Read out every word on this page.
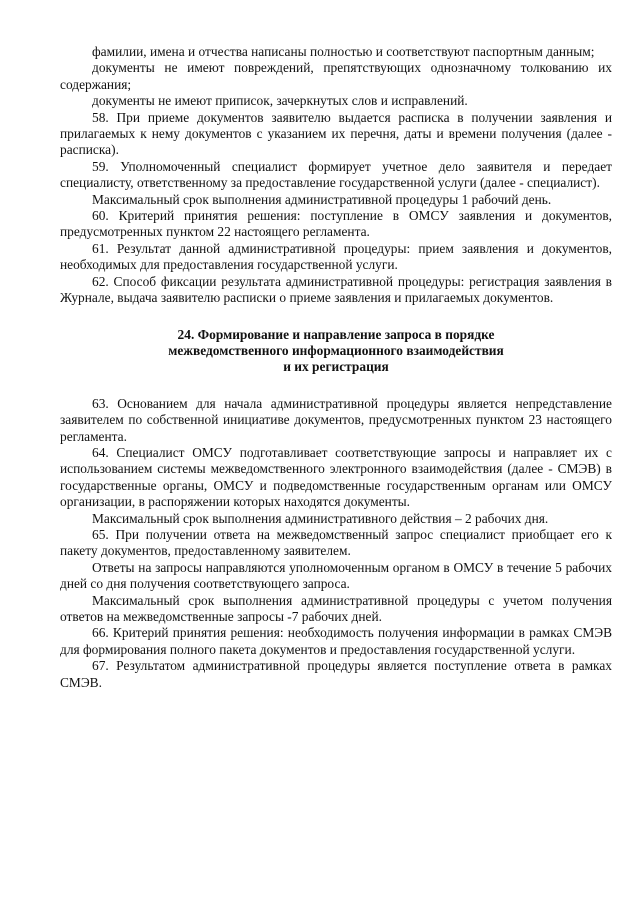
фамилии, имена и отчества написаны полностью и соответствуют паспортным данным;

документы не имеют повреждений, препятствующих однозначному толкованию их содержания;

документы не имеют приписок, зачеркнутых слов и исправлений.

58. При приеме документов заявителю выдается расписка в получении заявления и прилагаемых к нему документов с указанием их перечня, даты и времени получения (далее - расписка).

59. Уполномоченный специалист формирует учетное дело заявителя и передает специалисту, ответственному за предоставление государственной услуги (далее - специалист).

Максимальный срок выполнения административной процедуры 1 рабочий день.

60. Критерий принятия решения: поступление в ОМСУ заявления и документов, предусмотренных пунктом 22 настоящего регламента.

61. Результат данной административной процедуры: прием заявления и документов, необходимых для предоставления государственной услуги.

62. Способ фиксации результата административной процедуры: регистрация заявления в Журнале, выдача заявителю расписки о приеме заявления и прилагаемых документов.

24. Формирование и направление запроса в порядке
межведомственного информационного взаимодействия
и их регистрация

63. Основанием для начала административной процедуры является непредставление заявителем по собственной инициативе документов, предусмотренных пунктом 23 настоящего регламента.

64. Специалист ОМСУ подготавливает соответствующие запросы и направляет их с использованием системы межведомственного электронного взаимодействия (далее - СМЭВ) в государственные органы, ОМСУ и подведомственные государственным органам или ОМСУ организации, в распоряжении которых находятся документы.

Максимальный срок выполнения административного действия – 2 рабочих дня.

65. При получении ответа на межведомственный запрос специалист приобщает его к пакету документов, предоставленному заявителем.

Ответы на запросы направляются уполномоченным органом в ОМСУ в течение 5 рабочих дней со дня получения соответствующего запроса.

Максимальный срок выполнения административной процедуры с учетом получения ответов на межведомственные запросы -7 рабочих дней.

66. Критерий принятия решения: необходимость получения информации в рамках СМЭВ для формирования полного пакета документов и предоставления государственной услуги.

67. Результатом административной процедуры является поступление ответа в рамках СМЭВ.
